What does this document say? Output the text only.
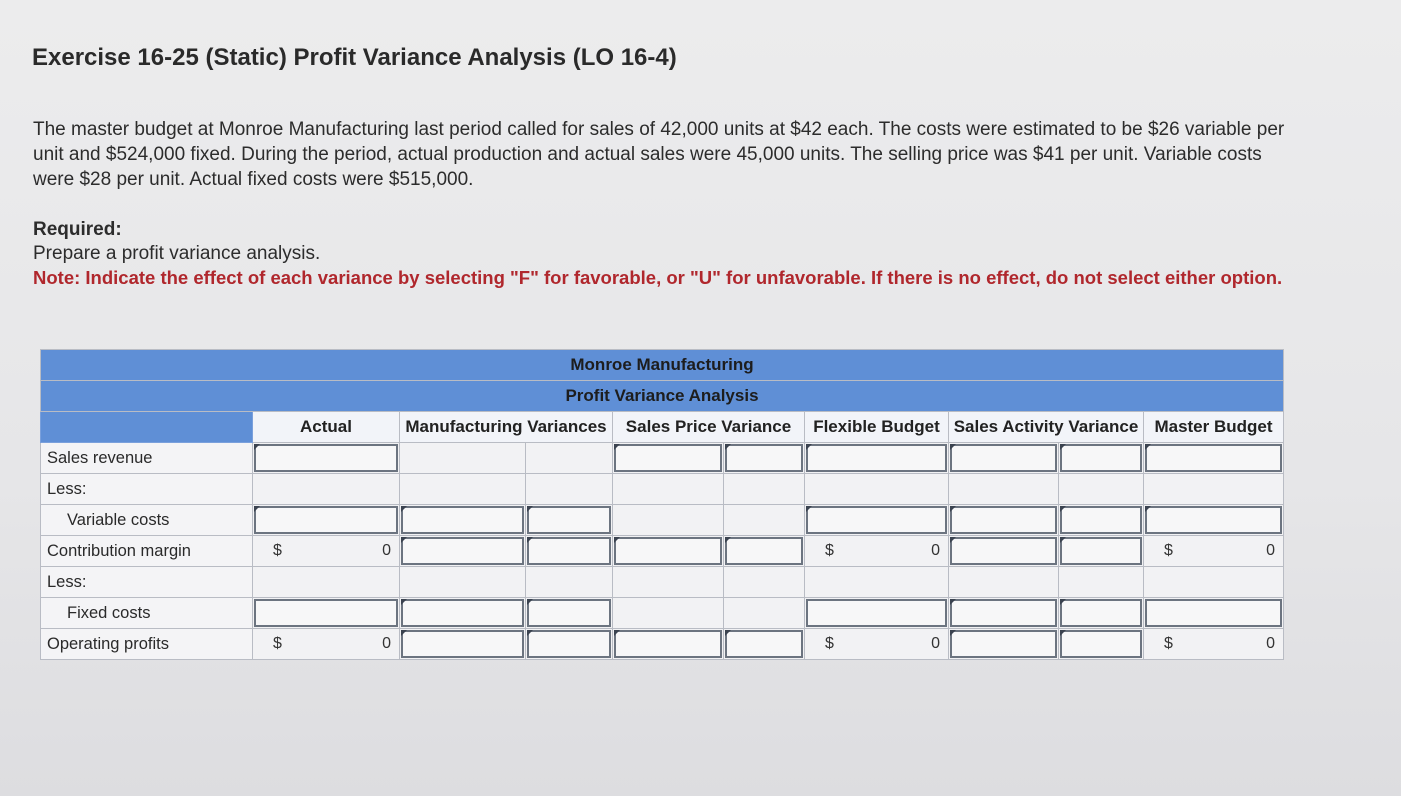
Exercise 16-25 (Static) Profit Variance Analysis (LO 16-4)
The master budget at Monroe Manufacturing last period called for sales of 42,000 units at $42 each. The costs were estimated to be $26 variable per unit and $524,000 fixed. During the period, actual production and actual sales were 45,000 units. The selling price was $41 per unit. Variable costs were $28 per unit. Actual fixed costs were $515,000.
Required:
Prepare a profit variance analysis.
Note: Indicate the effect of each variance by selecting "F" for favorable, or "U" for unfavorable. If there is no effect, do not select either option.
Monroe Manufacturing									
Profit Variance Analysis									
	Actual	Manufacturing Variances		Sales Price Variance		Flexible Budget	Sales Activity Variance		Master Budget
Sales revenue	

Less:									
Variable costs	

Contribution margin	$ 0					$ 0			$ 0

Less:									
Fixed costs	

Operating profits	$ 0					$ 0			$ 0
